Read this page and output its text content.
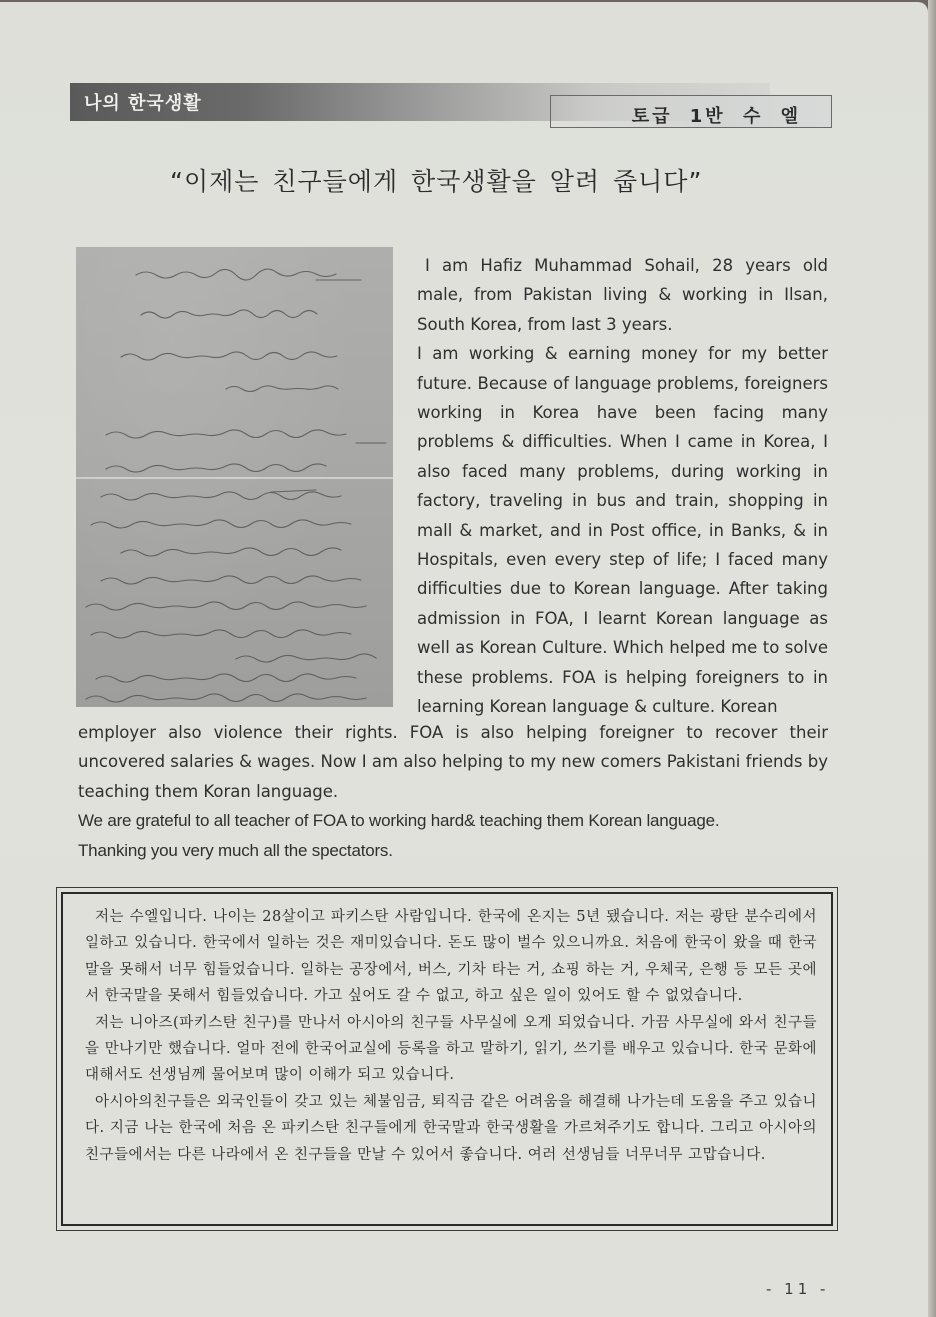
토급 1반 수 엘
나의 한국생활
“이제는 친구들에게 한국생활을 알려 줍니다”

I am Hafiz Muhammad Sohail, 28 years old male, from Pakistan living & working in Ilsan, South Korea, from last 3 years.

I am working & earning money for my better future. Because of language problems, foreigners working in Korea have been facing many problems & difficulties. When I came in Korea, I also faced many problems, during working in factory, traveling in bus and train, shopping in mall & market, and in Post office, in Banks, & in Hospitals, even every step of life; I faced many difficulties due to Korean language. After taking admission in FOA, I learnt Korean language as well as Korean Culture. Which helped me to solve these problems. FOA is helping foreigners to in learning Korean language & culture. Korean

employer also violence their rights. FOA is also helping foreigner to recover their uncovered salaries & wages. Now I am also helping to my new comers Pakistani friends by teaching them Koran language.

We are grateful to all teacher of FOA to working hard& teaching them Korean language.

Thanking you very much all the spectators.

저는 수엘입니다. 나이는 28살이고 파키스탄 사람입니다. 한국에 온지는 5년 됐습니다. 저는 광탄 분수리에서 일하고 있습니다. 한국에서 일하는 것은 재미있습니다. 돈도 많이 벌수 있으니까요. 처음에 한국이 왔을 때 한국말을 못해서 너무 힘들었습니다. 일하는 공장에서, 버스, 기차 타는 거, 쇼핑 하는 거, 우체국, 은행 등 모든 곳에서 한국말을 못해서 힘들었습니다. 가고 싶어도 갈 수 없고, 하고 싶은 일이 있어도 할 수 없었습니다.

저는 니아즈(파키스탄 친구)를 만나서 아시아의 친구들 사무실에 오게 되었습니다. 가끔 사무실에 와서 친구들을 만나기만 했습니다. 얼마 전에 한국어교실에 등록을 하고 말하기, 읽기, 쓰기를 배우고 있습니다. 한국 문화에 대해서도 선생님께 물어보며 많이 이해가 되고 있습니다.

아시아의친구들은 외국인들이 갖고 있는 체불임금, 퇴직금 같은 어려움을 해결해 나가는데 도움을 주고 있습니다. 지금 나는 한국에 처음 온 파키스탄 친구들에게 한국말과 한국생활을 가르쳐주기도 합니다. 그리고 아시아의친구들에서는 다른 나라에서 온 친구들을 만날 수 있어서 좋습니다. 여러 선생님들 너무너무 고맙습니다.

- 11 -
